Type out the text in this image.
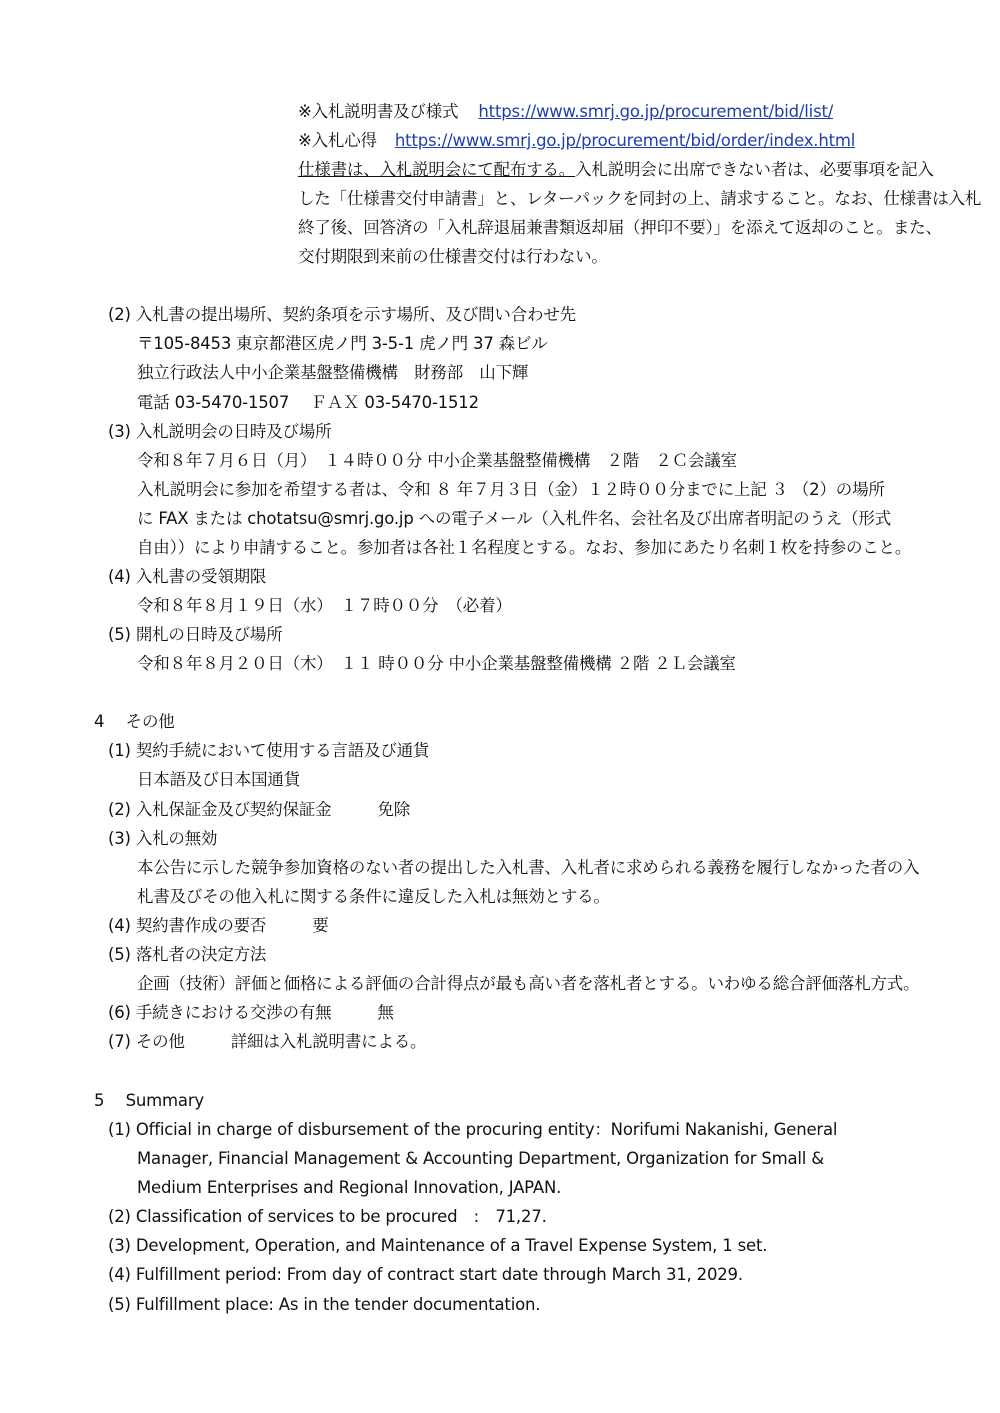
※入札説明書及び様式 https://www.smrj.go.jp/procurement/bid/list/
※入札心得 https://www.smrj.go.jp/procurement/bid/order/index.html
仕様書は、入札説明会にて配布する。入札説明会に出席できない者は、必要事項を記入
した「仕様書交付申請書」と、レターパックを同封の上、請求すること。なお、仕様書は入札
終了後、回答済の「入札辞退届兼書類返却届（押印不要）」を添えて返却のこと。また、
交付期限到来前の仕様書交付は行わない。
(2) 入札書の提出場所、契約条項を示す場所、及び問い合わせ先
〒105-8453 東京都港区虎ノ門 3-5-1 虎ノ門 37 森ビル
独立行政法人中小企業基盤整備機構　財務部　山下輝
電話 03-5470-1507　 ＦＡＸ 03-5470-1512
(3) 入札説明会の日時及び場所
令和８年７月６日（月）　１４時００分 中小企業基盤整備機構　２階　２Ｃ会議室
入札説明会に参加を希望する者は、令和 ８ 年７月３日（金）１２時００分までに上記 ３ （2）の場所
に FAX または chotatsu@smrj.go.jp への電子メール（入札件名、会社名及び出席者明記のうえ（形式
自由））により申請すること。参加者は各社１名程度とする。なお、参加にあたり名刺１枚を持参のこと。
(4) 入札書の受領期限
令和８年８月１９日（水）　１７時００分　（必着）
(5) 開札の日時及び場所
令和８年８月２０日（木）　１１ 時００分 中小企業基盤整備機構 ２階 ２Ｌ会議室
4　 その他
(1) 契約手続において使用する言語及び通貨
日本語及び日本国通貨
(2) 入札保証金及び契約保証金	免除
(3) 入札の無効
本公告に示した競争参加資格のない者の提出した入札書、入札者に求められる義務を履行しなかった者の入
札書及びその他入札に関する条件に違反した入札は無効とする。
(4) 契約書作成の要否	要
(5) 落札者の決定方法
企画（技術）評価と価格による評価の合計得点が最も高い者を落札者とする。いわゆる総合評価落札方式。
(6) 手続きにおける交渉の有無	無
(7) その他	詳細は入札説明書による。
5　 Summary
(1) Official in charge of disbursement of the procuring entity：Norifumi Nakanishi, General
Manager, Financial Management & Accounting Department, Organization for Small &
Medium Enterprises and Regional Innovation, JAPAN.
(2) Classification of services to be procured　:　71,27.
(3) Development, Operation, and Maintenance of a Travel Expense System, 1 set.
(4) Fulfillment period: From day of contract start date through March 31, 2029.
(5) Fulfillment place: As in the tender documentation.
